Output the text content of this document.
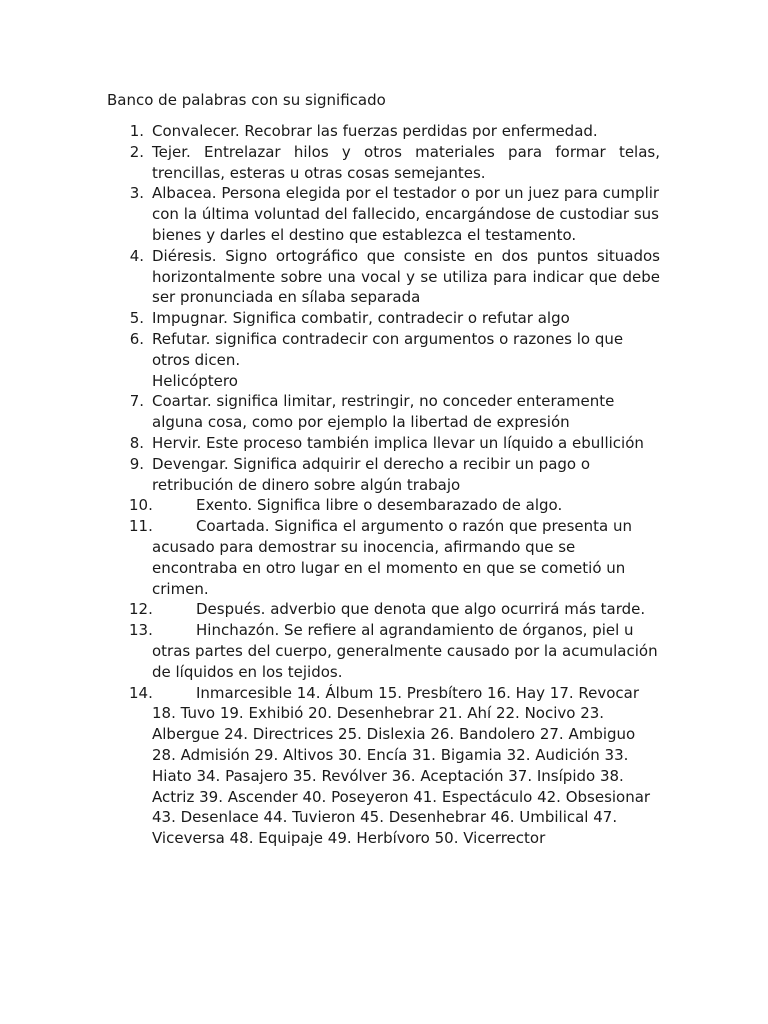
Banco de palabras con su significado
1. Convalecer. Recobrar las fuerzas perdidas por enfermedad.
2. Tejer. Entrelazar hilos y otros materiales para formar telas, trencillas, esteras u otras cosas semejantes.
3. Albacea. Persona elegida por el testador o por un juez para cumplir con la última voluntad del fallecido, encargándose de custodiar sus bienes y darles el destino que establezca el testamento.
4. Diéresis. Signo ortográfico que consiste en dos puntos situados horizontalmente sobre una vocal y se utiliza para indicar que debe ser pronunciada en sílaba separada
5. Impugnar. Significa combatir, contradecir o refutar algo
6. Refutar. significa contradecir con argumentos o razones lo que otros dicen.
Helicóptero
7. Coartar. significa limitar, restringir, no conceder enteramente alguna cosa, como por ejemplo la libertad de expresión
8. Hervir. Este proceso también implica llevar un líquido a ebullición
9. Devengar. Significa adquirir el derecho a recibir un pago o retribución de dinero sobre algún trabajo
10.	Exento. Significa libre o desembarazado de algo.
11.	Coartada. Significa el argumento o razón que presenta un acusado para demostrar su inocencia, afirmando que se encontraba en otro lugar en el momento en que se cometió un crimen.
12.	Después. adverbio que denota que algo ocurrirá más tarde.
13.	Hinchazón. Se refiere al agrandamiento de órganos, piel u otras partes del cuerpo, generalmente causado por la acumulación de líquidos en los tejidos.
14.	Inmarcesible 14. Álbum 15. Presbítero 16. Hay 17. Revocar 18. Tuvo 19. Exhibió 20. Desenhebrar 21. Ahí 22. Nocivo 23. Albergue 24. Directrices 25. Dislexia 26. Bandolero 27. Ambiguo 28. Admisión 29. Altivos 30. Encía 31. Bigamia 32. Audición 33. Hiato 34. Pasajero 35. Revólver 36. Aceptación 37. Insípido 38. Actriz 39. Ascender 40. Poseyeron 41. Espectáculo 42. Obsesionar 43. Desenlace 44. Tuvieron 45. Desenhebrar 46. Umbilical 47. Viceversa 48. Equipaje 49. Herbívoro 50. Vicerrector
